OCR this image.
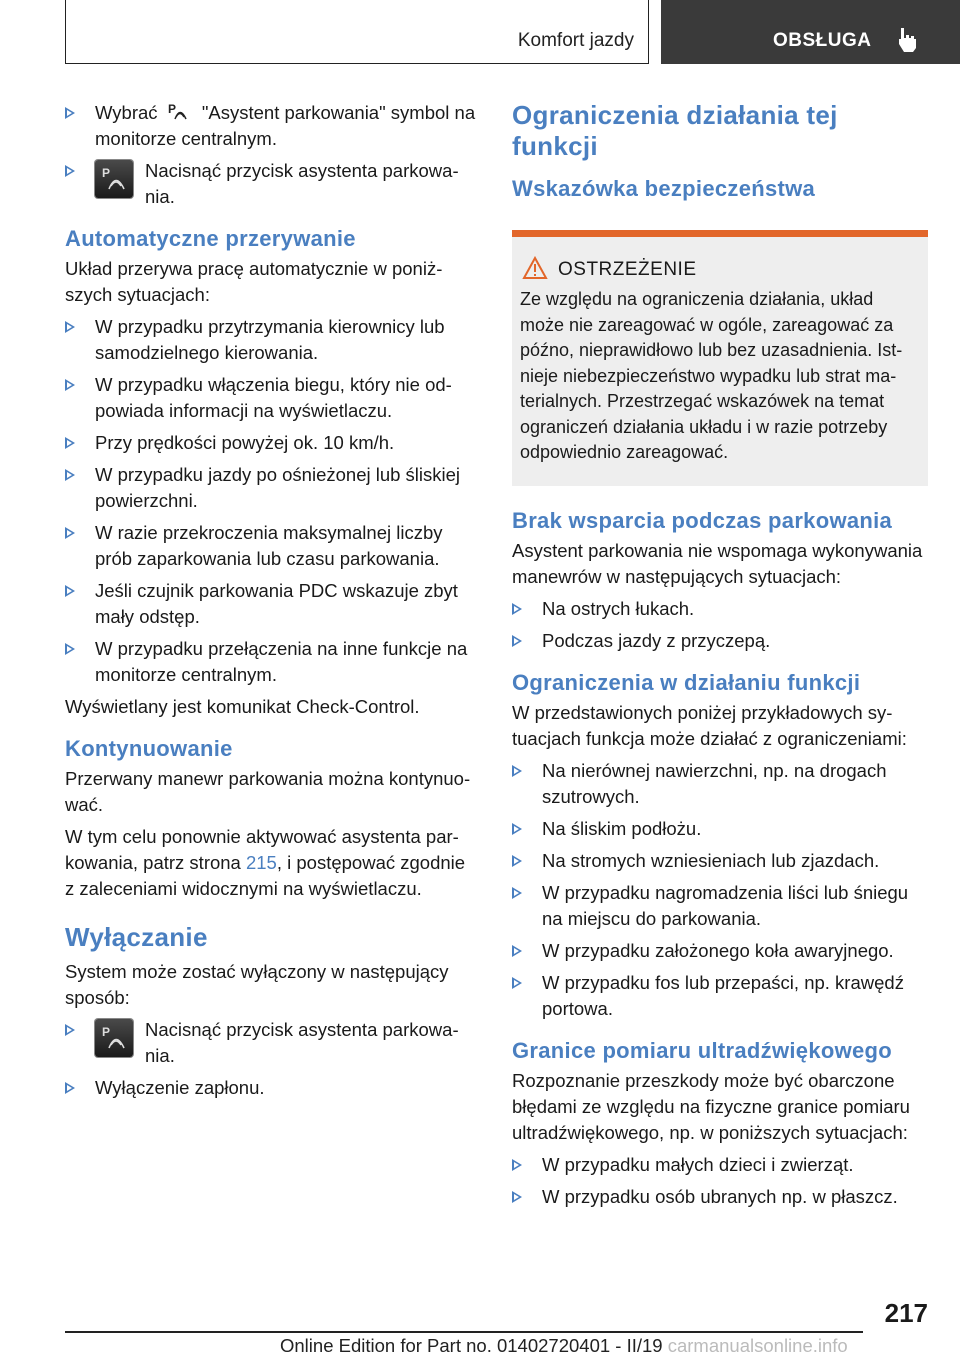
Komfort jazdy	OBSŁUGA
Wybrać P "Asystent parkowania" symbol na monitorze centralnym.
P Nacisnąć przycisk asystenta parkowania.
Automatyczne przerywanie

Układ przerywa pracę automatycznie w poniższych sytuacjach:

W przypadku przytrzymania kierownicy lub samodzielnego kierowania.
W przypadku włączenia biegu, który nie odpowiada informacji na wyświetlaczu.
Przy prędkości powyżej ok. 10 km/h.
W przypadku jazdy po ośnieżonej lub śliskiej powierzchni.
W razie przekroczenia maksymalnej liczby prób zaparkowania lub czasu parkowania.
Jeśli czujnik parkowania PDC wskazuje zbyt mały odstęp.
W przypadku przełączenia na inne funkcje na monitorze centralnym.

Wyświetlany jest komunikat Check-Control.

Kontynuowanie

Przerwany manewr parkowania można kontynuować.

W tym celu ponownie aktywować asystenta parkowania, patrz strona 215, i postępować zgodnie z zaleceniami widocznymi na wyświetlaczu.

Wyłączanie

System może zostać wyłączony w następujący sposób:

P Nacisnąć przycisk asystenta parkowania.
Wyłączenie zapłonu.
Ograniczenia działania tej funkcji
Wskazówka bezpieczeństwa
OSTRZEŻENIE

Ze względu na ograniczenia działania, układ może nie zareagować w ogóle, zareagować za późno, nieprawidłowo lub bez uzasadnienia. Istnieje niebezpieczeństwo wypadku lub strat materialnych. Przestrzegać wskazówek na temat ograniczeń działania układu i w razie potrzeby odpowiednio zareagować.

Brak wsparcia podczas parkowania

Asystent parkowania nie wspomaga wykonywania manewrów w następujących sytuacjach:

Na ostrych łukach.
Podczas jazdy z przyczepą.
Ograniczenia w działaniu funkcji

W przedstawionych poniżej przykładowych sytuacjach funkcja może działać z ograniczeniami:

Na nierównej nawierzchni, np. na drogach szutrowych.
Na śliskim podłożu.
Na stromych wzniesieniach lub zjazdach.
W przypadku nagromadzenia liści lub śniegu na miejscu do parkowania.
W przypadku założonego koła awaryjnego.
W przypadku fos lub przepaści, np. krawędź portowa.
Granice pomiaru ultradźwiękowego

Rozpoznanie przeszkody może być obarczone błędami ze względu na fizyczne granice pomiaru ultradźwiękowego, np. w poniższych sytuacjach:

W przypadku małych dzieci i zwierząt.
W przypadku osób ubranych np. w płaszcz.
217
Online Edition for Part no. 01402720401 - II/19 carmanualsonline.info
